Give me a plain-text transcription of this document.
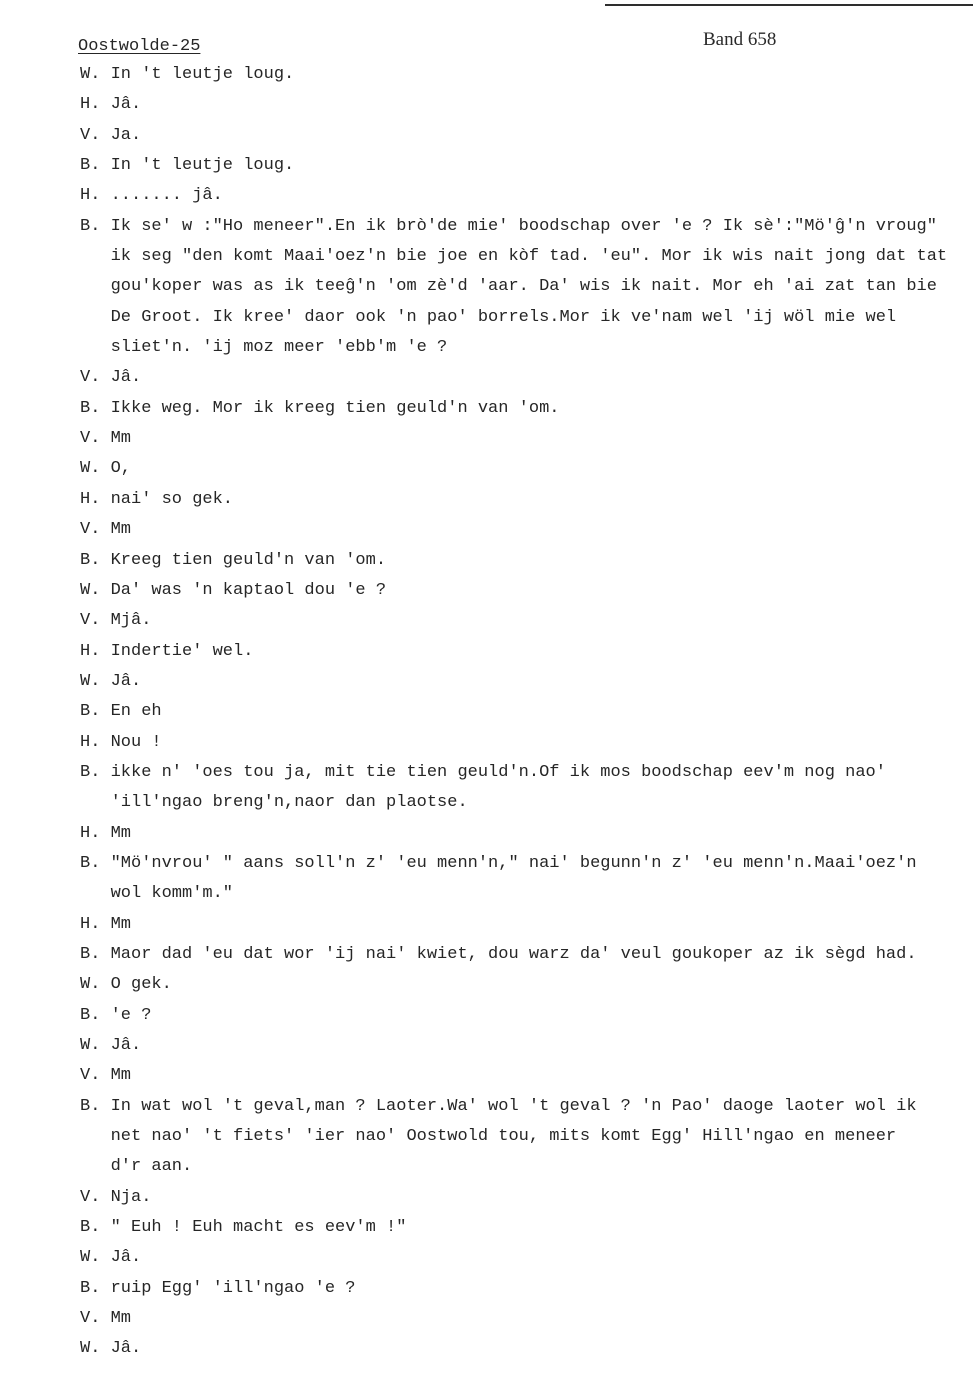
Oostwolde-25	Band 658
W. In 't leutje loug.
H. Jâ.
V. Ja.
B. In 't leutje loug.
H. ....... jâ.
B. Ik se' w :"Ho meneer".En ik brò'de mie' boodschap over 'e ? Ik sè':"Mö'ĝ'n vroug"
ik seg "den komt Maai'oez'n bie joe en kòf tad. 'eu". Mor ik wis nait jong dat tat
gou'koper was as ik teeĝ'n 'om zè'd 'aar. Da' wis ik nait. Mor eh 'ai zat tan bie
De Groot. Ik kree' daor ook 'n pao' borrels.Mor ik ve'nam wel 'ij wöl mie wel
sliet'n. 'ij moz meer 'ebb'm 'e ?
V. Jâ.
B. Ikke weg. Mor ik kreeg tien geuld'n van 'om.
V. Mm
W. O,
H. nai' so gek.
V. Mm
B. Kreeg tien geuld'n van 'om.
W. Da' was 'n kaptaol dou 'e ?
V. Mjâ.
H. Indertie' wel.
W. Jâ.
B. En eh
H. Nou !
B. ikke n' 'oes tou ja, mit tie tien geuld'n.Of ik mos boodschap eev'm nog nao'
'ill'ngao breng'n,naor dan plaotse.
H. Mm
B. "Mö'nvrou' " aans soll'n z' 'eu menn'n," nai' begunn'n z' 'eu menn'n.Maai'oez'n
wol komm'm."
H. Mm
B. Maor dad 'eu dat wor 'ij nai' kwiet, dou warz da' veul goukoper az ik sègd had.
W. O gek.
B. 'e ?
W. Jâ.
V. Mm
B. In wat wol 't geval,man ? Laoter.Wa' wol 't geval ? 'n Pao' daoge laoter wol ik
net nao' 't fiets' 'ier nao' Oostwold tou, mits komt Egg' Hill'ngao en meneer
d'r aan.
V. Nja.
B. " Euh ! Euh macht es eev'm !"
W. Jâ.
B. ruip Egg' 'ill'ngao 'e ?
V. Mm
W. Jâ.
